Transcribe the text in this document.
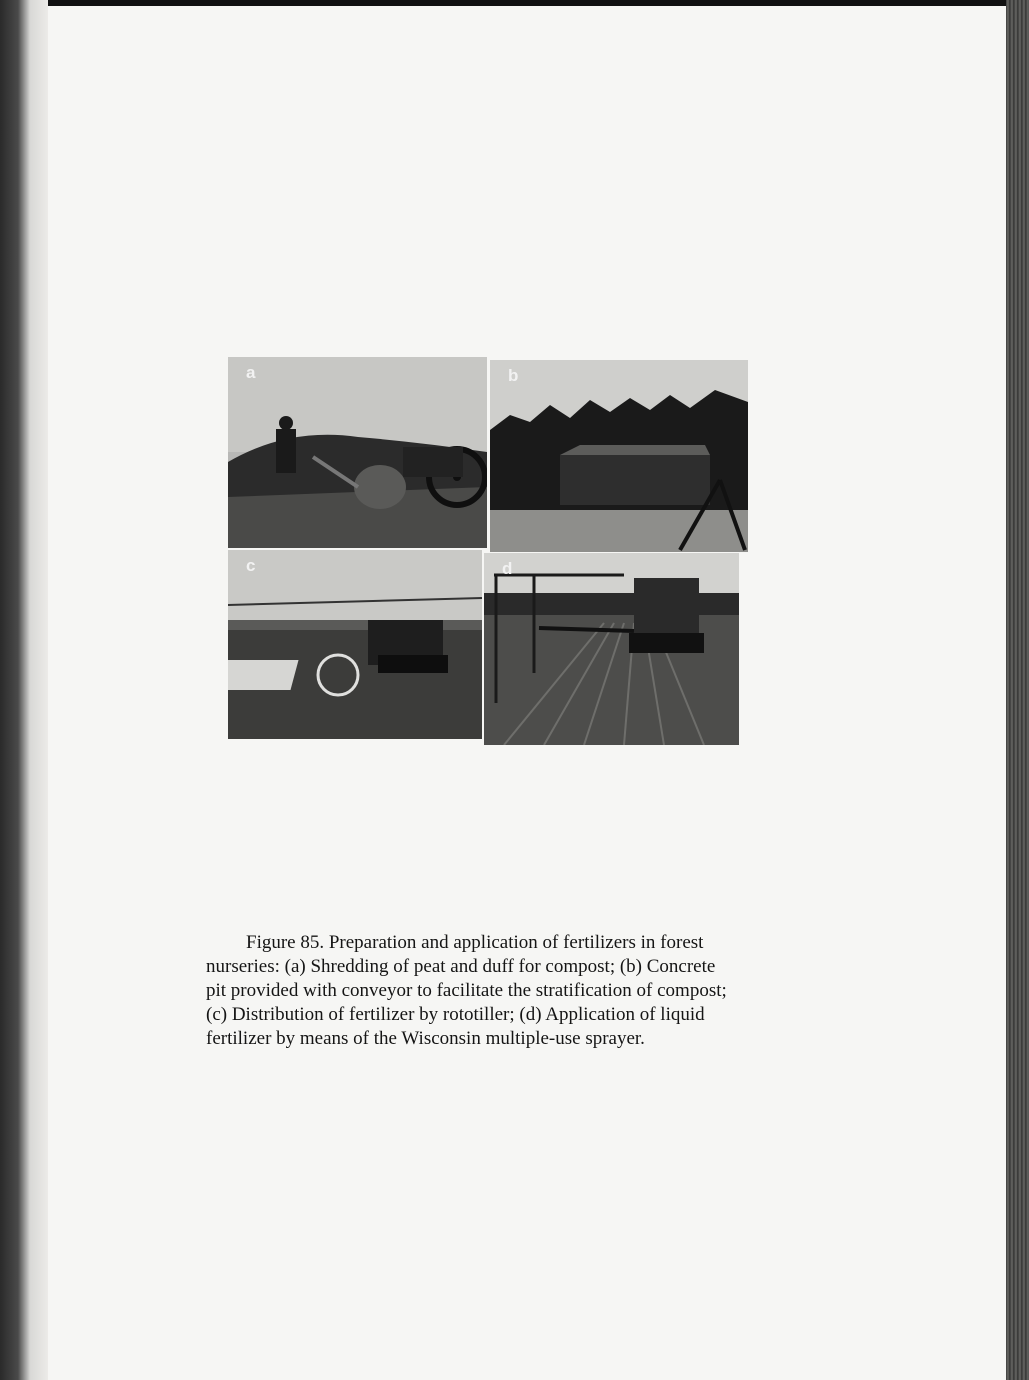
a	b
c	d
Figure 85. Preparation and application of fertilizers in forest
nurseries: (a) Shredding of peat and duff for compost; (b) Concrete
pit provided with conveyor to facilitate the stratification of compost;
(c) Distribution of fertilizer by rototiller; (d) Application of liquid
fertilizer by means of the Wisconsin multiple-use sprayer.
